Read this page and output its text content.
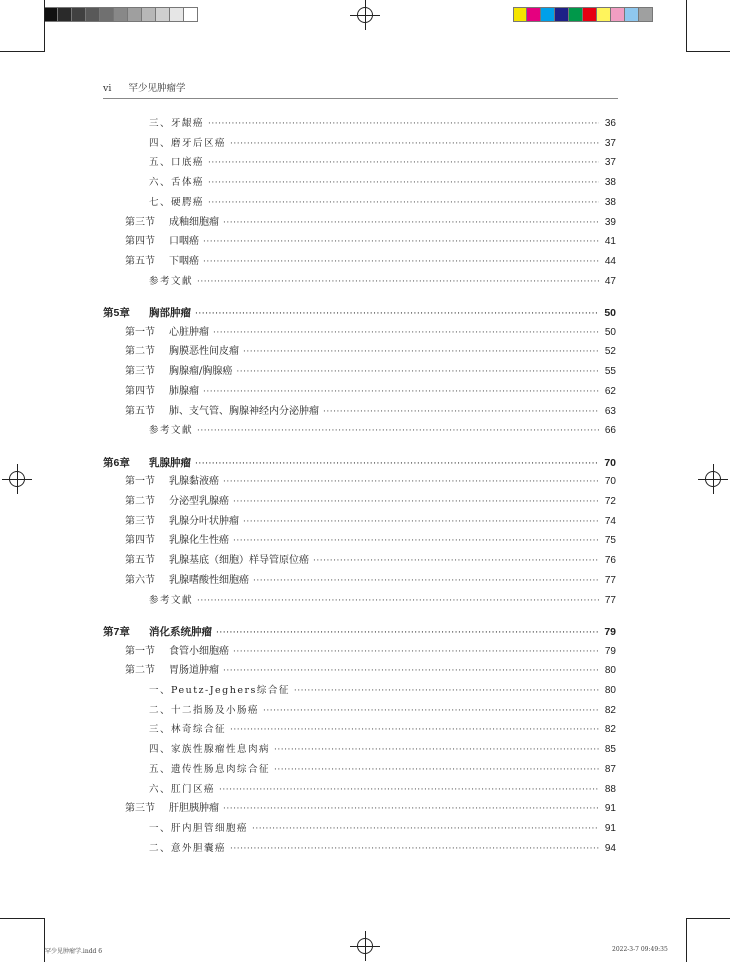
vi 罕少见肿瘤学
三、牙龈癌 ·····	36
四、磨牙后区癌 ·····	37
五、口底癌 ·····	37
六、舌体癌 ·····	38
七、硬腭癌 ·····	38
第三节 成釉细胞瘤 ·····	39
第四节 口咽癌 ·····	41
第五节 下咽癌 ·····	44
参考文献 ·····	47
第5章 胸部肿瘤 ·····	50
第一节 心脏肿瘤 ·····	50
第二节 胸膜恶性间皮瘤 ·····	52
第三节 胸腺瘤/胸腺癌 ·····	55
第四节 肺腺瘤 ·····	62
第五节 肺、支气管、胸腺神经内分泌肿瘤 ·····	63
参考文献 ·····	66
第6章 乳腺肿瘤 ·····	70
第一节 乳腺黏液癌 ·····	70
第二节 分泌型乳腺癌 ·····	72
第三节 乳腺分叶状肿瘤 ·····	74
第四节 乳腺化生性癌 ·····	75
第五节 乳腺基底（细胞）样导管原位癌 ·····	76
第六节 乳腺嗜酸性细胞癌 ·····	77
参考文献 ·····	77
第7章 消化系统肿瘤 ·····	79
第一节 食管小细胞癌 ·····	79
第二节 胃肠道肿瘤 ·····	80
一、Peutz-Jeghers综合征 ·····	80
二、十二指肠及小肠癌 ·····	82
三、林奇综合征 ·····	82
四、家族性腺瘤性息肉病 ·····	85
五、遗传性肠息肉综合征 ·····	87
六、肛门区癌 ·····	88
第三节 肝胆胰肿瘤 ·····	91
一、肝内胆管细胞癌 ·····	91
二、意外胆囊癌 ·····	94
罕少见肿瘤学.indd 6	2022-3-7 09:49:35
